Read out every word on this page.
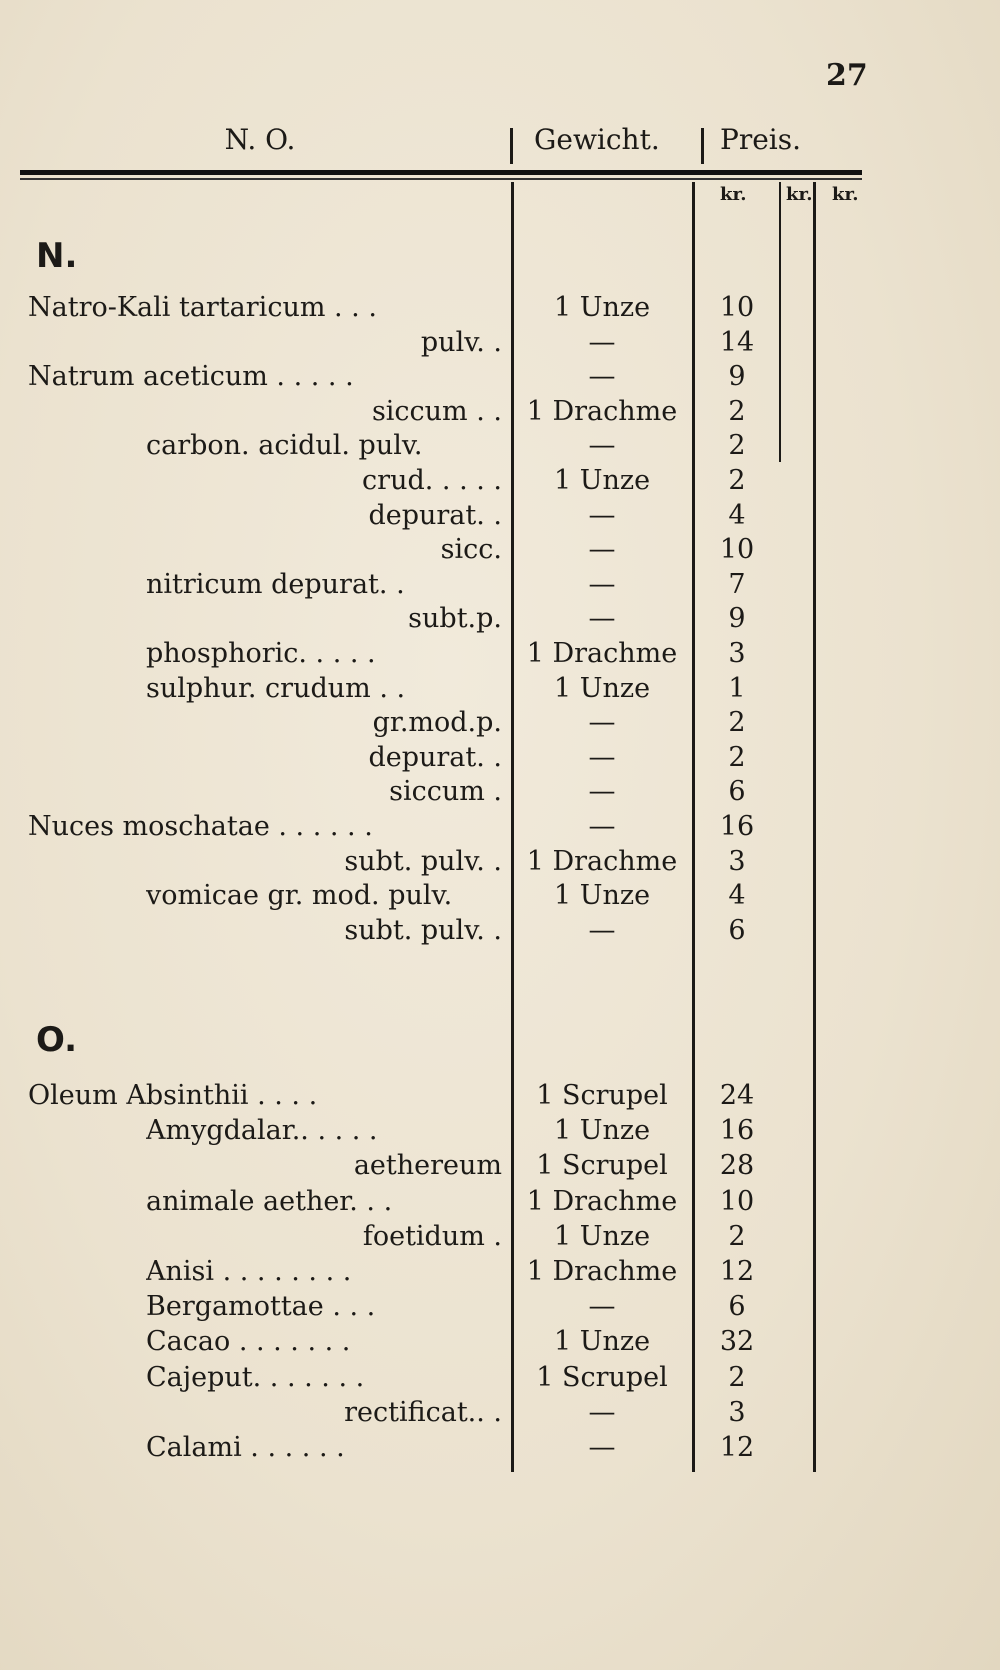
27
N. O.	Gewicht. Preis.
kr. kr. kr.
N.
Natro-Kali tartaricum . . .	1 Unze	10
pulv. .	—	14
Natrum aceticum . . . . .	—	9
siccum . . 1 Drachme	2
carbon. acidul. pulv.	—	2
crud. . . . .	1 Unze	2
depurat. .	—	4
sicc.	—	10
nitricum depurat. .	—	7
subt.p.	—	9
phosphoric. . . . .	1 Drachme	3
sulphur. crudum . .	1 Unze	1
gr.mod.p.	—	2
depurat. .	—	2
siccum .	—	6
Nuces moschatae . . . . . .	—	16
subt. pulv. . 1 Drachme	3
vomicae gr. mod. pulv.	1 Unze	4
subt. pulv. .	—	6
O.
Oleum Absinthii . . . .	1 Scrupel	24
Amygdalar.. . . . .	1 Unze	16
aethereum	1 Scrupel	28
animale aether. . .	1 Drachme	10
foetidum .	1 Unze	2
Anisi . . . . . . . .	1 Drachme	12
Bergamottae . . .	—	6
Cacao . . . . . . .	1 Unze	32
Cajeput. . . . . . .	1 Scrupel	2
rectificat.. .	—	3
Calami . . . . . .	—	12
